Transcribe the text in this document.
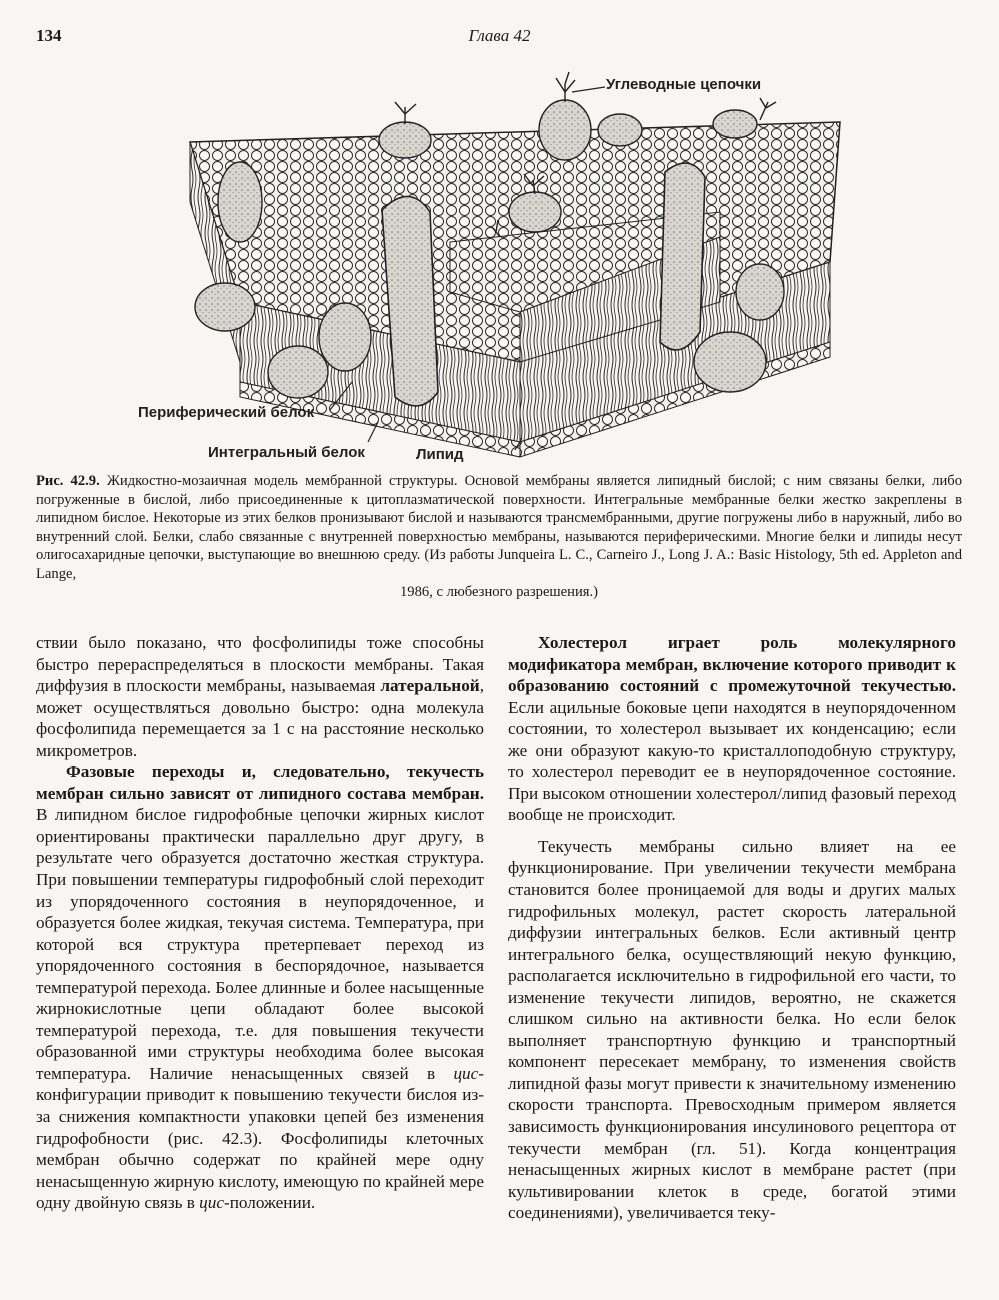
134	Глава 42
Углеводные цепочки
Периферический белок
Интегральный белок	Липид
Рис. 42.9. Жидкостно-мозаичная модель мембранной структуры. Основой мембраны является липидный бислой; с ним связаны белки, либо погруженные в бислой, либо присоединенные к цитоплазматической поверхности. Интегральные мембранные белки жестко закреплены в липидном бислое. Некоторые из этих белков пронизывают бислой и называются трансмембранными, другие погружены либо в наружный, либо во внутренний слой. Белки, слабо связанные с внутренней поверхностью мембраны, называются периферическими. Многие белки и липиды несут олигосахаридные цепочки, выступающие во внешнюю среду. (Из работы Junqueira L. С., Carneiro J., Long J. A.: Basic Histology, 5th ed. Appleton and Lange,
1986, с любезного разрешения.)

ствии было показано, что фосфолипиды тоже способны быстро перераспределяться в плоскости мембраны. Такая диффузия в плоскости мембраны, называемая латеральной, может осуществляться довольно быстро: одна молекула фосфолипида перемещается за 1 с на расстояние несколько микрометров.

Фазовые переходы и, следовательно, текучесть мембран сильно зависят от липидного состава мембран. В липидном бислое гидрофобные цепочки жирных кислот ориентированы практически параллельно друг другу, в результате чего образуется достаточно жесткая структура. При повышении температуры гидрофобный слой переходит из упорядоченного состояния в неупорядоченное, и образуется более жидкая, текучая система. Температура, при которой вся структура претерпевает переход из упорядоченного состояния в беспорядочное, называется температурой перехода. Более длинные и более насыщенные жирнокислотные цепи обладают более высокой температурой перехода, т.е. для повышения текучести образованной ими структуры необходима более высокая температура. Наличие ненасыщенных связей в цис-конфигурации приводит к повышению текучести бислоя из-за снижения компактности упаковки цепей без изменения гидрофобности (рис. 42.3). Фосфолипиды клеточных мембран обычно содержат по крайней мере одну ненасыщенную жирную кислоту, имеющую по крайней мере одну двойную связь в цис-положении.

Холестерол играет роль молекулярного модификатора мембран, включение которого приводит к образованию состояний с промежуточной текучестью. Если ацильные боковые цепи находятся в неупорядоченном состоянии, то холестерол вызывает их конденсацию; если же они образуют какую-то кристаллоподобную структуру, то холестерол переводит ее в неупорядоченное состояние. При высоком отношении холестерол/липид фазовый переход вообще не происходит.

Текучесть мембраны сильно влияет на ее функционирование. При увеличении текучести мембрана становится более проницаемой для воды и других малых гидрофильных молекул, растет скорость латеральной диффузии интегральных белков. Если активный центр интегрального белка, осуществляющий некую функцию, располагается исключительно в гидрофильной его части, то изменение текучести липидов, вероятно, не скажется слишком сильно на активности белка. Но если белок выполняет транспортную функцию и транспортный компонент пересекает мембрану, то изменения свойств липидной фазы могут привести к значительному изменению скорости транспорта. Превосходным примером является зависимость функционирования инсулинового рецептора от текучести мембран (гл. 51). Когда концентрация ненасыщенных жирных кислот в мембране растет (при культивировании клеток в среде, богатой этими соединениями), увеличивается теку-
